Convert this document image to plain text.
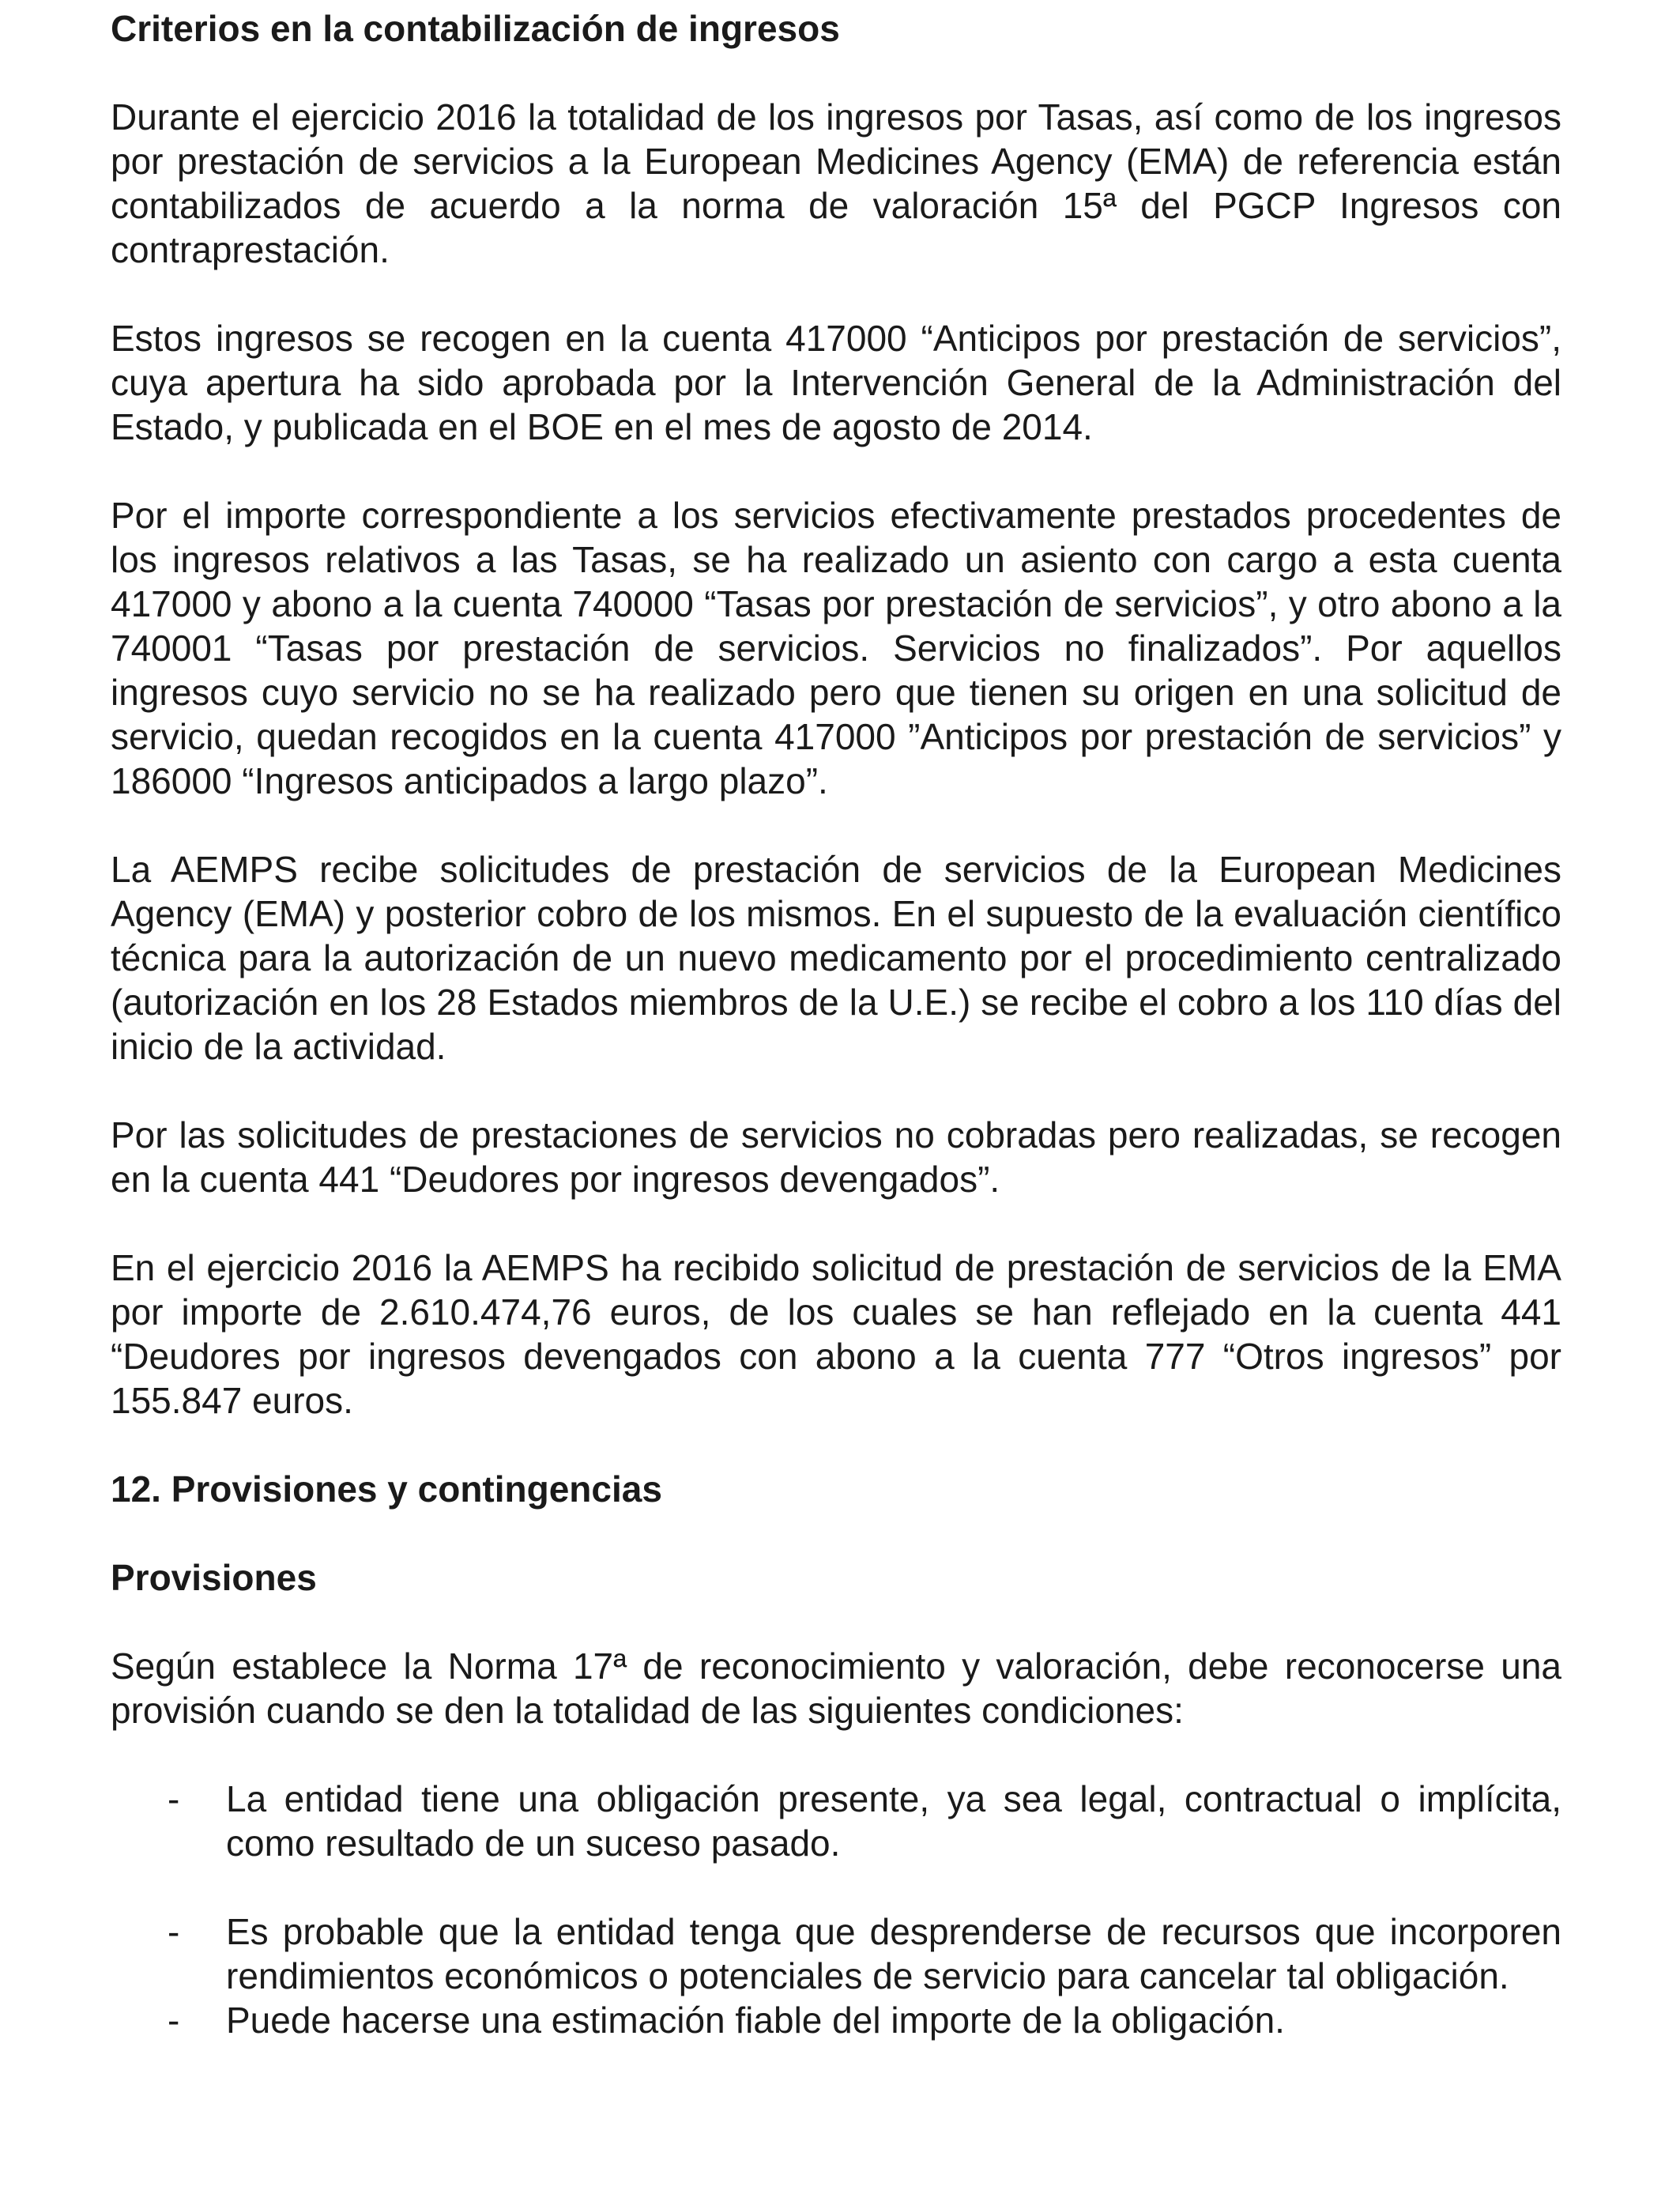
Criterios en la contabilización de ingresos

Durante el ejercicio 2016 la totalidad de los ingresos por Tasas, así como de los ingresos por prestación de servicios a la European Medicines Agency (EMA) de referencia están contabilizados de acuerdo a la norma de valoración 15ª del PGCP Ingresos con contraprestación.

Estos ingresos se recogen en la cuenta 417000 “Anticipos por prestación de servicios”, cuya apertura ha sido aprobada por la Intervención General de la Administración del Estado, y publicada en el BOE en el mes de agosto de 2014.

Por el importe correspondiente a los servicios efectivamente prestados procedentes de los ingresos relativos a las Tasas, se ha realizado un asiento con cargo a esta cuenta 417000 y abono a la cuenta 740000 “Tasas por prestación de servicios”, y otro abono a la 740001 “Tasas por prestación de servicios. Servicios no finalizados”. Por aquellos ingresos cuyo servicio no se ha realizado pero que tienen su origen en una solicitud de servicio, quedan recogidos en la cuenta 417000 ”Anticipos por prestación de servicios” y 186000 “Ingresos anticipados a largo plazo”.

La AEMPS recibe solicitudes de prestación de servicios de la European Medicines Agency (EMA) y posterior cobro de los mismos. En el supuesto de la evaluación científico técnica para la autorización de un nuevo medicamento por el procedimiento centralizado (autorización en los 28 Estados miembros de la U.E.) se recibe el cobro a los 110 días del inicio de la actividad.

Por las solicitudes de prestaciones de servicios no cobradas pero realizadas, se recogen en la cuenta 441 “Deudores por ingresos devengados”.

En el ejercicio 2016 la AEMPS ha recibido solicitud de prestación de servicios de la EMA por importe de 2.610.474,76 euros, de los cuales se han reflejado en la cuenta 441 “Deudores por ingresos devengados con abono a la cuenta 777 “Otros ingresos” por 155.847 euros.

12. Provisiones y contingencias
Provisiones

Según establece la Norma 17ª de reconocimiento y valoración, debe reconocerse una provisión cuando se den la totalidad de las siguientes condiciones:

- La entidad tiene una obligación presente, ya sea legal, contractual o implícita, como resultado de un suceso pasado.
- Es probable que la entidad tenga que desprenderse de recursos que incorporen rendimientos económicos o potenciales de servicio para cancelar tal obligación.
- Puede hacerse una estimación fiable del importe de la obligación.
